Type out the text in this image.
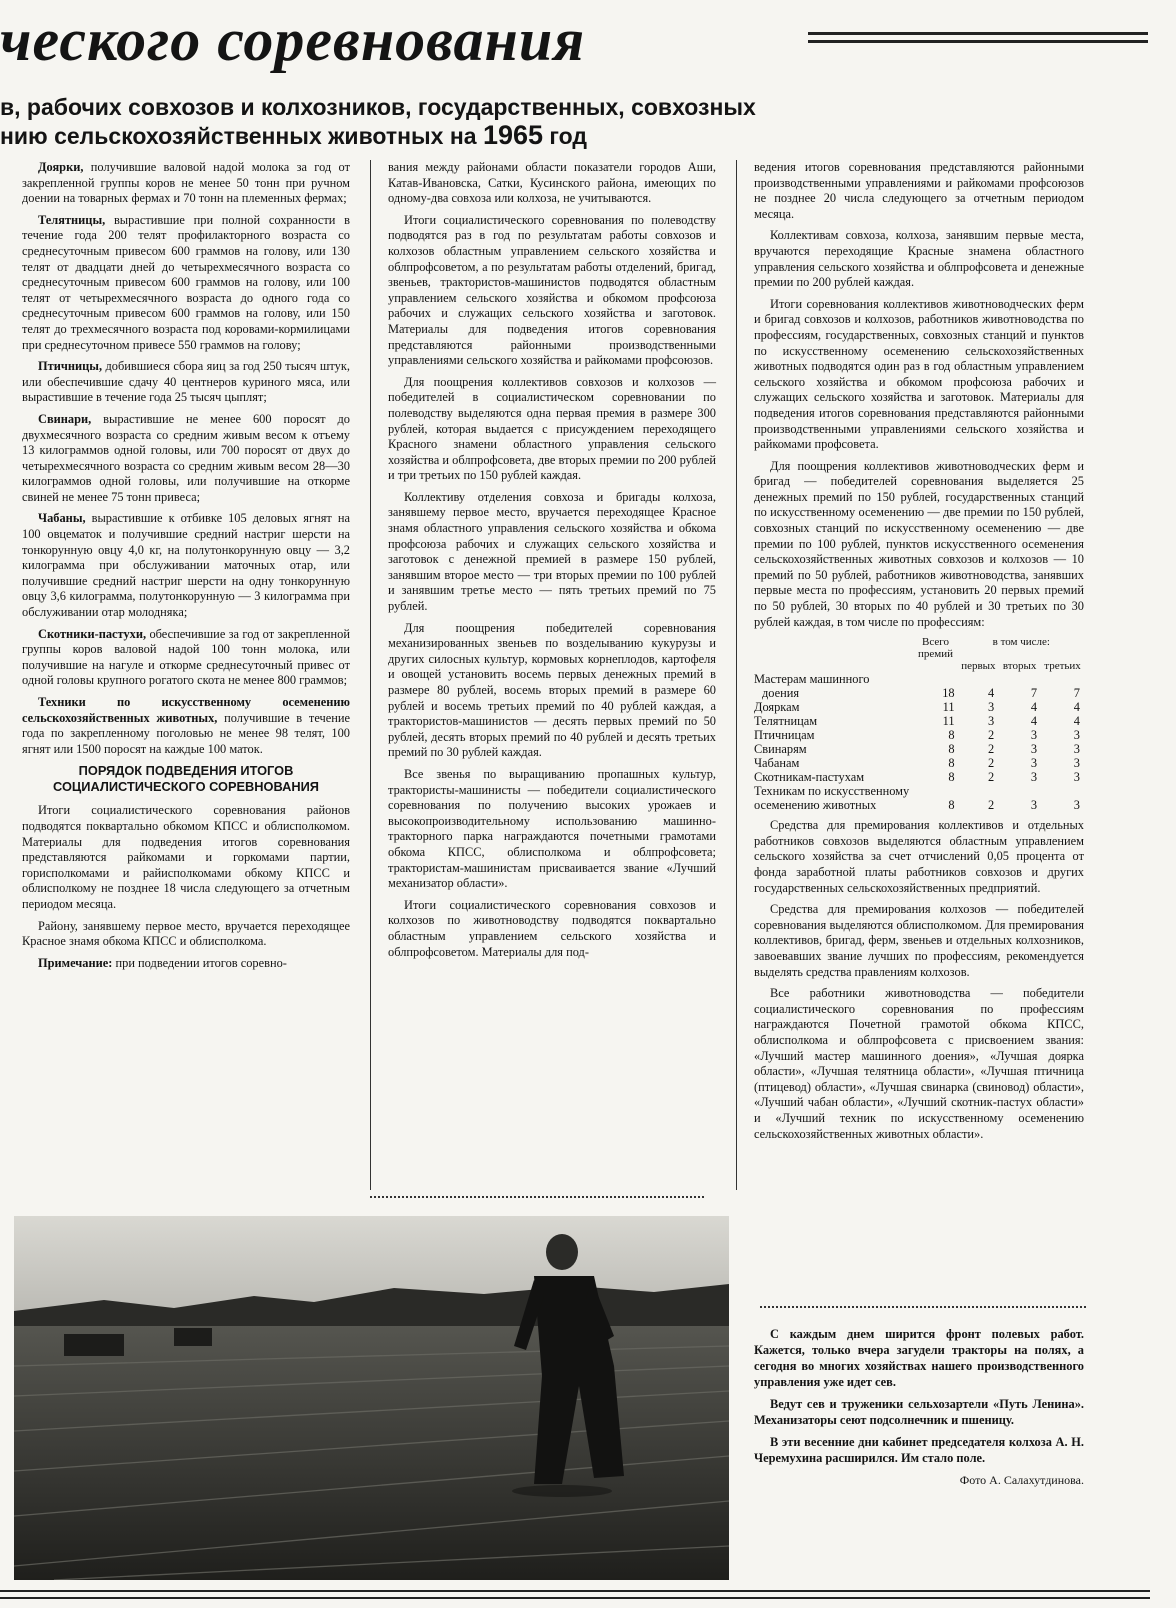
ческого соревнования
в, рабочих совхозов и колхозников, государственных, совхозных
нию сельскохозяйственных животных на 1965 год

Доярки, получившие валовой надой молока за год от закрепленной группы коров не менее 50 тонн при ручном доении на товарных фермах и 70 тонн на племенных фермах;

Телятницы, вырастившие при полной сохранности в течение года 200 телят профилакторного возраста со среднесуточным привесом 600 граммов на голову, или 130 телят от двадцати дней до четырехмесячного возраста со среднесуточным привесом 600 граммов на голову, или 100 телят от четырехмесячного возраста до одного года со среднесуточным привесом 600 граммов на голову, или 150 телят до трехмесячного возраста под коровами-кормилицами при среднесуточном привесе 550 граммов на голову;

Птичницы, добившиеся сбора яиц за год 250 тысяч штук, или обеспечившие сдачу 40 центнеров куриного мяса, или вырастившие в течение года 25 тысяч цыплят;

Свинари, вырастившие не менее 600 поросят до двухмесячного возраста со средним живым весом к отъему 13 килограммов одной головы, или 700 поросят от двух до четырехмесячного возраста со средним живым весом 28—30 килограммов одной головы, или получившие на откорме свиней не менее 75 тонн привеса;

Чабаны, вырастившие к отбивке 105 деловых ягнят на 100 овцематок и получившие средний настриг шерсти на тонкорунную овцу 4,0 кг, на полутонкорунную овцу — 3,2 килограмма при обслуживании маточных отар, или получившие средний настриг шерсти на одну тонкорунную овцу 3,6 килограмма, полутонкорунную — 3 килограмма при обслуживании отар молодняка;

Скотники-пастухи, обеспечившие за год от закрепленной группы коров валовой надой 100 тонн молока, или получившие на нагуле и откорме среднесуточный привес от одной головы крупного рогатого скота не менее 800 граммов;

Техники по искусственному осеменению сельскохозяйственных животных, получившие в течение года по закрепленному поголовью не менее 98 телят, 100 ягнят или 1500 поросят на каждые 100 маток.

ПОРЯДОК ПОДВЕДЕНИЯ ИТОГОВ СОЦИАЛИСТИЧЕСКОГО СОРЕВНОВАНИЯ

Итоги социалистического соревнования районов подводятся поквартально обкомом КПСС и облисполкомом. Материалы для подведения итогов соревнования представляются райкомами и горкомами партии, горисполкомами и райисполкомами обкому КПСС и облисполкому не позднее 18 числа следующего за отчетным периодом месяца.

Району, занявшему первое место, вручается переходящее Красное знамя обкома КПСС и облисполкома.

Примечание: при подведении итогов соревно-

вания между районами области показатели городов Аши, Катав-Ивановска, Сатки, Кусинского района, имеющих по одному-два совхоза или колхоза, не учитываются.

Итоги социалистического соревнования по полеводству подводятся раз в год по результатам работы совхозов и колхозов областным управлением сельского хозяйства и облпрофсоветом, а по результатам работы отделений, бригад, звеньев, трактористов-машинистов подводятся областным управлением сельского хозяйства и обкомом профсоюза рабочих и служащих сельского хозяйства и заготовок. Материалы для подведения итогов соревнования представляются районными производственными управлениями сельского хозяйства и райкомами профсоюзов.

Для поощрения коллективов совхозов и колхозов — победителей в социалистическом соревновании по полеводству выделяются одна первая премия в размере 300 рублей, которая выдается с присуждением переходящего Красного знамени областного управления сельского хозяйства и облпрофсовета, две вторых премии по 200 рублей и три третьих по 150 рублей каждая.

Коллективу отделения совхоза и бригады колхоза, занявшему первое место, вручается переходящее Красное знамя областного управления сельского хозяйства и обкома профсоюза рабочих и служащих сельского хозяйства и заготовок с денежной премией в размере 150 рублей, занявшим второе место — три вторых премии по 100 рублей и занявшим третье место — пять третьих премий по 75 рублей.

Для поощрения победителей соревнования механизированных звеньев по возделыванию кукурузы и других силосных культур, кормовых корнеплодов, картофеля и овощей установить восемь первых денежных премий в размере 80 рублей, восемь вторых премий в размере 60 рублей и восемь третьих премий по 40 рублей каждая, а трактористов-машинистов — десять первых премий по 50 рублей, десять вторых премий по 40 рублей и десять третьих премий по 30 рублей каждая.

Все звенья по выращиванию пропашных культур, трактористы-машинисты — победители социалистического соревнования по получению высоких урожаев и высокопроизводительному использованию машинно-тракторного парка награждаются почетными грамотами обкома КПСС, облисполкома и облпрофсовета; трактористам-машинистам присваивается звание «Лучший механизатор области».

Итоги социалистического соревнования совхозов и колхозов по животноводству подводятся поквартально областным управлением сельского хозяйства и облпрофсоветом. Материалы для под-

ведения итогов соревнования представляются районными производственными управлениями и райкомами профсоюзов не позднее 20 числа следующего за отчетным периодом месяца.

Коллективам совхоза, колхоза, занявшим первые места, вручаются переходящие Красные знамена областного управления сельского хозяйства и облпрофсовета и денежные премии по 200 рублей каждая.

Итоги соревнования коллективов животноводческих ферм и бригад совхозов и колхозов, работников животноводства по профессиям, государственных, совхозных станций и пунктов по искусственному осеменению сельскохозяйственных животных подводятся один раз в год областным управлением сельского хозяйства и обкомом профсоюза рабочих и служащих сельского хозяйства и заготовок. Материалы для подведения итогов соревнования представляются районными производственными управлениями сельского хозяйства и райкомами профсовета.

Для поощрения коллективов животноводческих ферм и бригад — победителей соревнования выделяется 25 денежных премий по 150 рублей, государственных станций по искусственному осеменению — две премии по 150 рублей, совхозных станций по искусственному осеменению — две премии по 100 рублей, пунктов искусственного осеменения сельскохозяйственных животных совхозов и колхозов — 10 премий по 50 рублей, работников животноводства, занявших первые места по профессиям, установить 20 первых премий по 50 рублей, 30 вторых по 40 рублей и 30 третьих по 30 рублей каждая, в том числе по профессиям:

	Всего премий	в том числе:		
		первых	вторых	третьих

Мастерам машинного
доения	18	4	7	7
Дояркам	11	3	4	4
Телятницам	11	3	4	4
Птичницам	8	2	3	3
Свинарям	8	2	3	3
Чабанам	8	2	3	3
Скотникам-пастухам	8	2	3	3

Техникам по искусственному
осеменению животных	8	2	3	3

Средства для премирования коллективов и отдельных работников совхозов выделяются областным управлением сельского хозяйства за счет отчислений 0,05 процента от фонда заработной платы работников совхозов и других государственных сельскохозяйственных предприятий.

Средства для премирования колхозов — победителей соревнования выделяются облисполкомом. Для премирования коллективов, бригад, ферм, звеньев и отдельных колхозников, завоевавших звание лучших по профессиям, рекомендуется выделять средства правлениям колхозов.

Все работники животноводства — победители социалистического соревнования по профессиям награждаются Почетной грамотой обкома КПСС, облисполкома и облпрофсовета с присвоением звания: «Лучший мастер машинного доения», «Лучшая доярка области», «Лучшая телятница области», «Лучшая птичница (птицевод) области», «Лучшая свинарка (свиновод) области», «Лучший чабан области», «Лучший скотник-пастух области» и «Лучший техник по искусственному осеменению сельскохозяйственных животных области».

С каждым днем ширится фронт полевых работ. Кажется, только вчера загудели тракторы на полях, а сегодня во многих хозяйствах нашего производственного управления уже идет сев.

Ведут сев и труженики сельхозартели «Путь Ленина». Механизаторы сеют подсолнечник и пшеницу.

В эти весенние дни кабинет председателя колхоза А. Н. Черемухина расширился. Им стало поле.

Фото А. Салахутдинова.
